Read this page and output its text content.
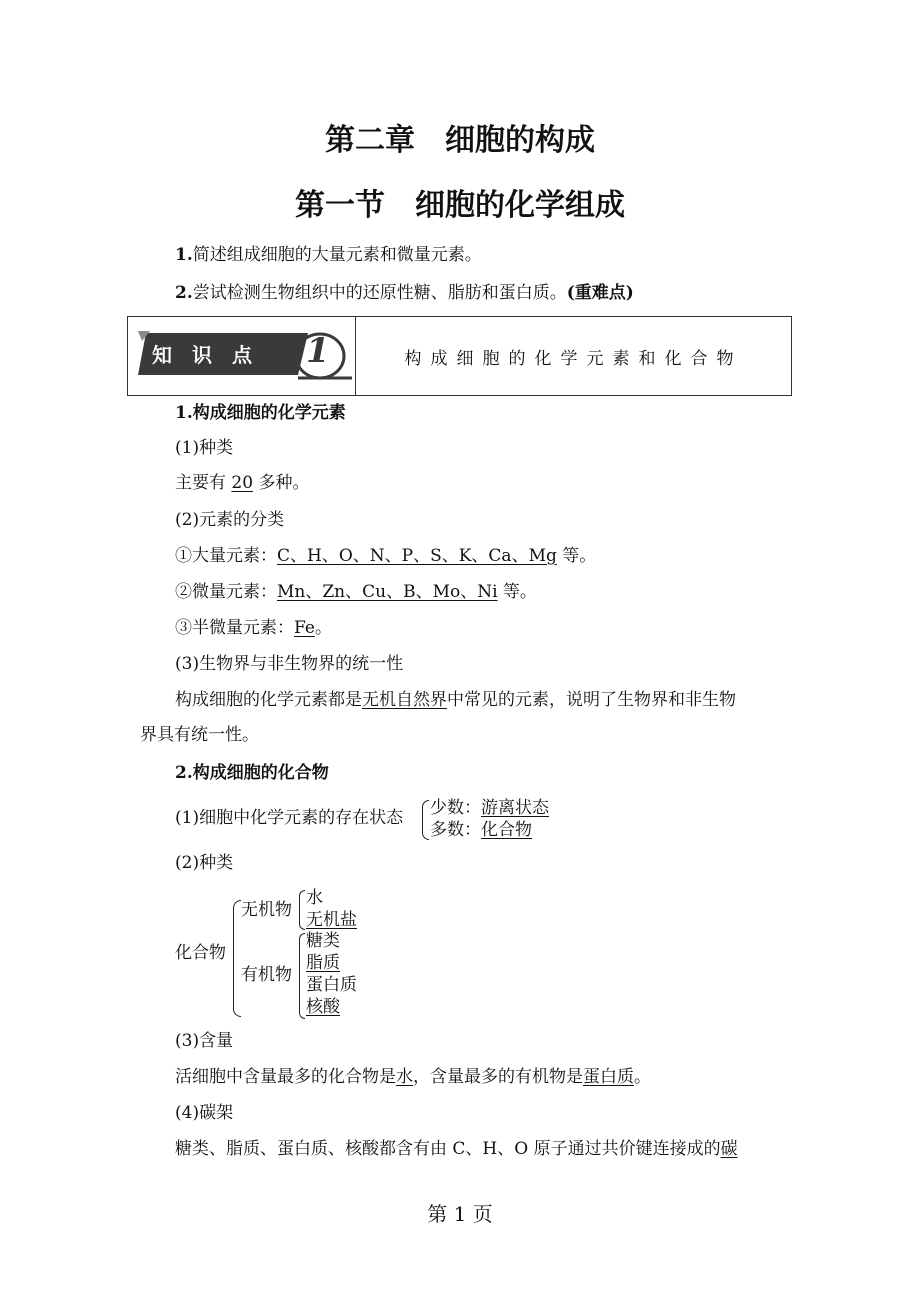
第二章　细胞的构成
第一节　细胞的化学组成
1.简述组成细胞的大量元素和微量元素。
2.尝试检测生物组织中的还原性糖、脂肪和蛋白质。(重难点)
知　识　点 1	构成细胞的化学元素和化合物
1.构成细胞的化学元素
(1)种类
主要有 20 多种。
(2)元素的分类
①大量元素：C、H、O、N、P、S、K、Ca、Mg 等。
②微量元素：Mn、Zn、Cu、B、Mo、Ni 等。
③半微量元素：Fe。
(3)生物界与非生物界的统一性
构成细胞的化学元素都是无机自然界中常见的元素，说明了生物界和非生物
界具有统一性。
2.构成细胞的化合物
(1)细胞中化学元素的存在状态 少数：游离状态
多数：化合物
(2)种类
化合物
无机物
水
无机盐
有机物
糖类
脂质
蛋白质
核酸
(3)含量
活细胞中含量最多的化合物是水，含量最多的有机物是蛋白质。
(4)碳架
糖类、脂质、蛋白质、核酸都含有由 C、H、O 原子通过共价键连接成的碳
第 1 页
